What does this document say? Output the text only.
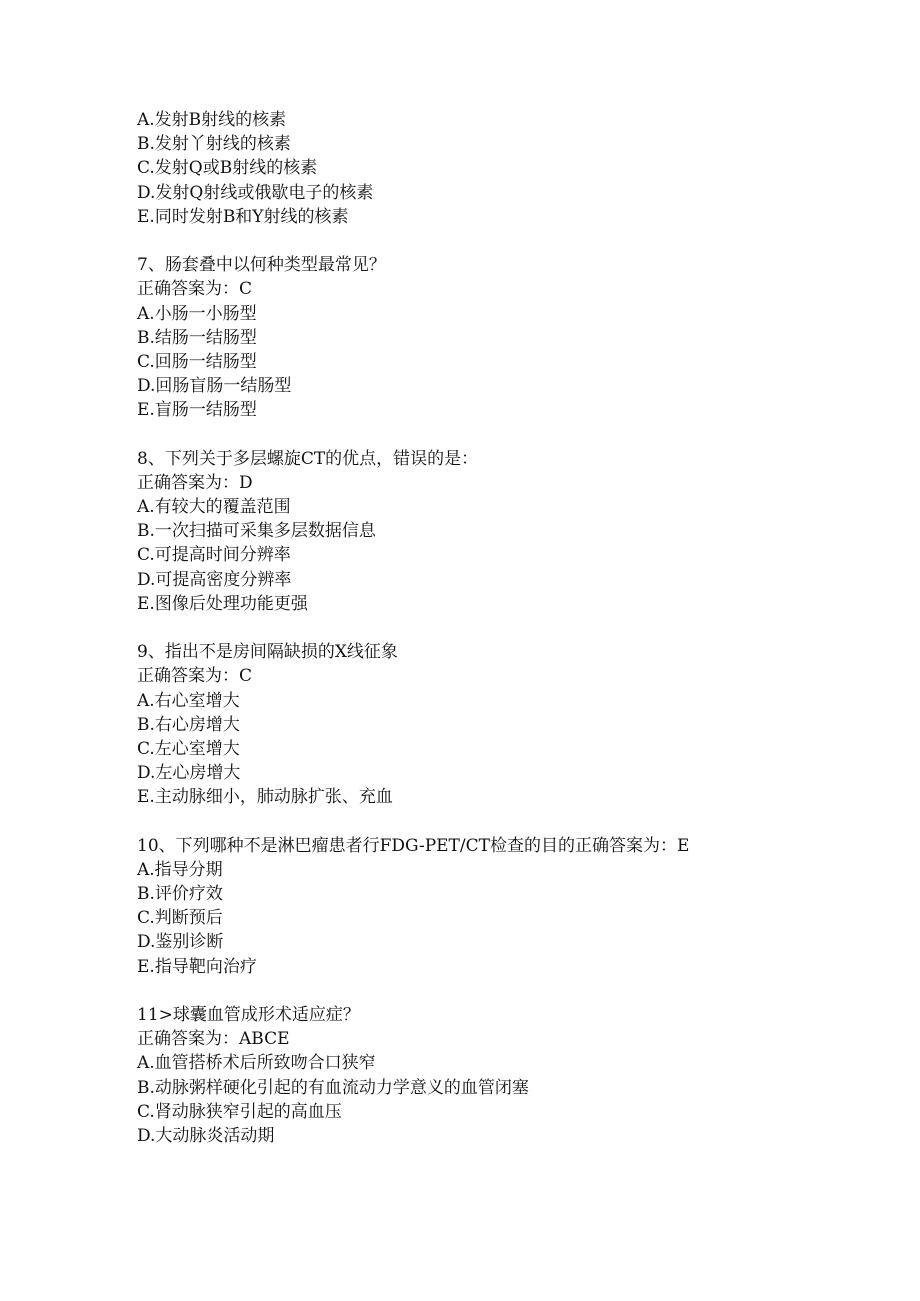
A.发射B射线的核素
B.发射丫射线的核素
C.发射Q或B射线的核素
D.发射Q射线或俄歇电子的核素
E.同时发射B和Y射线的核素
7、肠套叠中以何种类型最常见？
正确答案为：C
A.小肠一小肠型
B.结肠一结肠型
C.回肠一结肠型
D.回肠盲肠一结肠型
E.盲肠一结肠型
8、下列关于多层螺旋CT的优点，错误的是：
正确答案为：D
A.有较大的覆盖范围
B.一次扫描可采集多层数据信息
C.可提高时间分辨率
D.可提高密度分辨率
E.图像后处理功能更强
9、指出不是房间隔缺损的X线征象
正确答案为：C
A.右心室增大
B.右心房增大
C.左心室增大
D.左心房增大
E.主动脉细小，肺动脉扩张、充血
10、下列哪种不是淋巴瘤患者行FDG-PET/CT检查的目的正确答案为：E
A.指导分期
B.评价疗效
C.判断预后
D.鉴别诊断
E.指导靶向治疗
11>球囊血管成形术适应症？
正确答案为：ABCE
A.血管搭桥术后所致吻合口狭窄
B.动脉粥样硬化引起的有血流动力学意义的血管闭塞
C.肾动脉狭窄引起的高血压
D.大动脉炎活动期
